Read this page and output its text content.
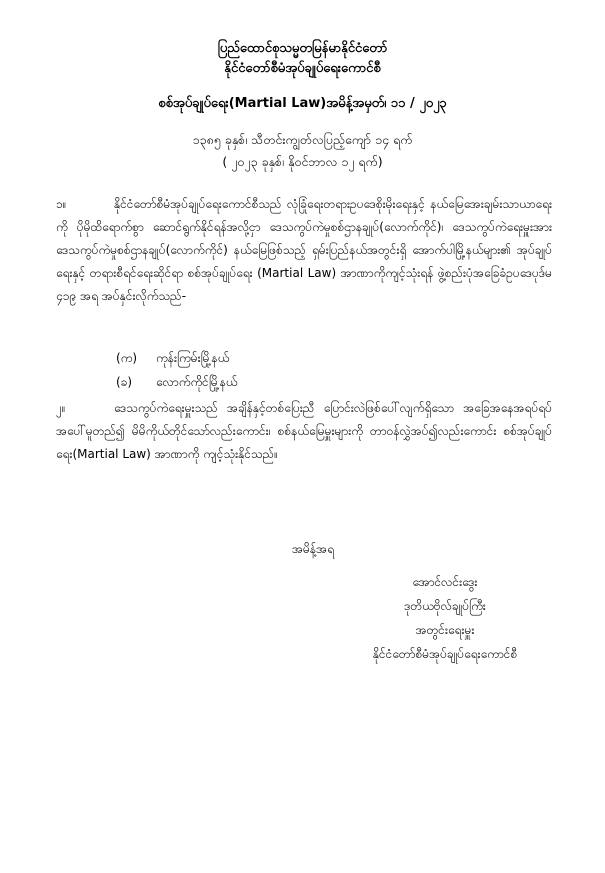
ပြည်ထောင်စုသမ္မတမြန်မာနိုင်ငံတော်
နိုင်ငံတော်စီမံအုပ်ချုပ်ရေးကောင်စီ
စစ်အုပ်ချုပ်ရေး(Martial Law)အမိန့်အမှတ်၊ ၁၁ / ၂၀၂၃
၁၃၈၅ ခုနှစ်၊ သီတင်းကျွတ်လပြည့်ကျော် ၁၄ ရက်
( ၂၀၂၃ ခုနှစ်၊ နိုဝင်ဘာလ ၁၂ ရက်)
၁။	နိုင်ငံတော်စီမံအုပ်ချုပ်ရေးကောင်စီသည် လုံခြုံရေးတရားဥပဒေစိုးမိုးရေးနှင့် နယ်မြေအေးချမ်းသာယာရေးကို ပိုမိုထိရောက်စွာ ဆောင်ရွက်နိုင်ရန်အလို့ငှာ ဒေသကွပ်ကဲမှုစစ်ဌာနချုပ်(လောက်ကိုင်)၊ ဒေသကွပ်ကဲရေးမှူးအား ဒေသကွပ်ကဲမှုစစ်ဌာနချုပ်(လောက်ကိုင်) နယ်မြေဖြစ်သည့် ရှမ်းပြည်နယ်အတွင်းရှိ အောက်ပါမြို့နယ်များ၏ အုပ်ချုပ်ရေးနှင့် တရားစီရင်ရေးဆိုင်ရာ စစ်အုပ်ချုပ်ရေး (Martial Law) အာဏာကိုကျင့်သုံးရန် ဖွဲ့စည်းပုံအခြေခံဥပဒေပုဒ်မ ၄၁၉ အရ အပ်နှင်းလိုက်သည်-
(က) ကုန်းကြမ်းမြို့နယ်
(ခ) လောက်ကိုင်မြို့နယ်
၂။	ဒေသကွပ်ကဲရေးမှူးသည် အချိန်နှင့်တစ်ပြေးညီ ပြောင်းလဲဖြစ်ပေါ်လျက်ရှိသော အခြေအနေအရပ်ရပ်အပေါ်မူတည်၍ မိမိကိုယ်တိုင်သော်လည်းကောင်း၊ စစ်နယ်မြေမှူးများကို တာဝန်လွှဲအပ်၍လည်းကောင်း စစ်အုပ်ချုပ်ရေး(Martial Law) အာဏာကို ကျင့်သုံးနိုင်သည်။
အမိန့်အရ
အောင်လင်းဒွေး
ဒုတိယဗိုလ်ချုပ်ကြီး
အတွင်းရေးမှူး
နိုင်ငံတော်စီမံအုပ်ချုပ်ရေးကောင်စီ
